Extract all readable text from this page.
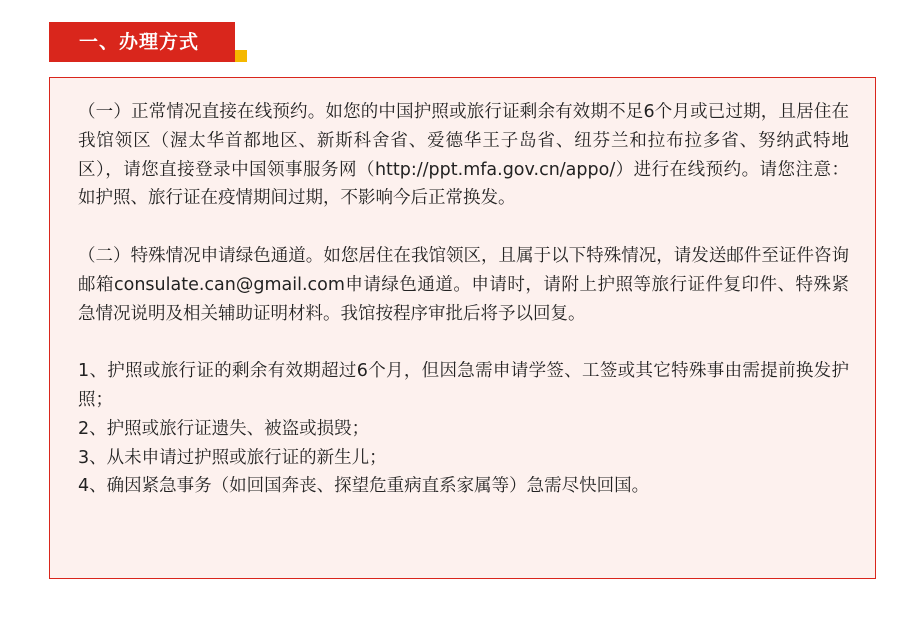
一、办理方式

（一）正常情况直接在线预约。如您的中国护照或旅行证剩余有效期不足6个月或已过期，且居住在我馆领区（渥太华首都地区、新斯科舍省、爱德华王子岛省、纽芬兰和拉布拉多省、努纳武特地区），请您直接登录中国领事服务网（http://ppt.mfa.gov.cn/appo/）进行在线预约。请您注意：如护照、旅行证在疫情期间过期，不影响今后正常换发。

（二）特殊情况申请绿色通道。如您居住在我馆领区，且属于以下特殊情况，请发送邮件至证件咨询邮箱consulate.can@gmail.com申请绿色通道。申请时，请附上护照等旅行证件复印件、特殊紧急情况说明及相关辅助证明材料。我馆按程序审批后将予以回复。

1、护照或旅行证的剩余有效期超过6个月，但因急需申请学签、工签或其它特殊事由需提前换发护照；

2、护照或旅行证遗失、被盗或损毁；

3、从未申请过护照或旅行证的新生儿；

4、确因紧急事务（如回国奔丧、探望危重病直系家属等）急需尽快回国。
